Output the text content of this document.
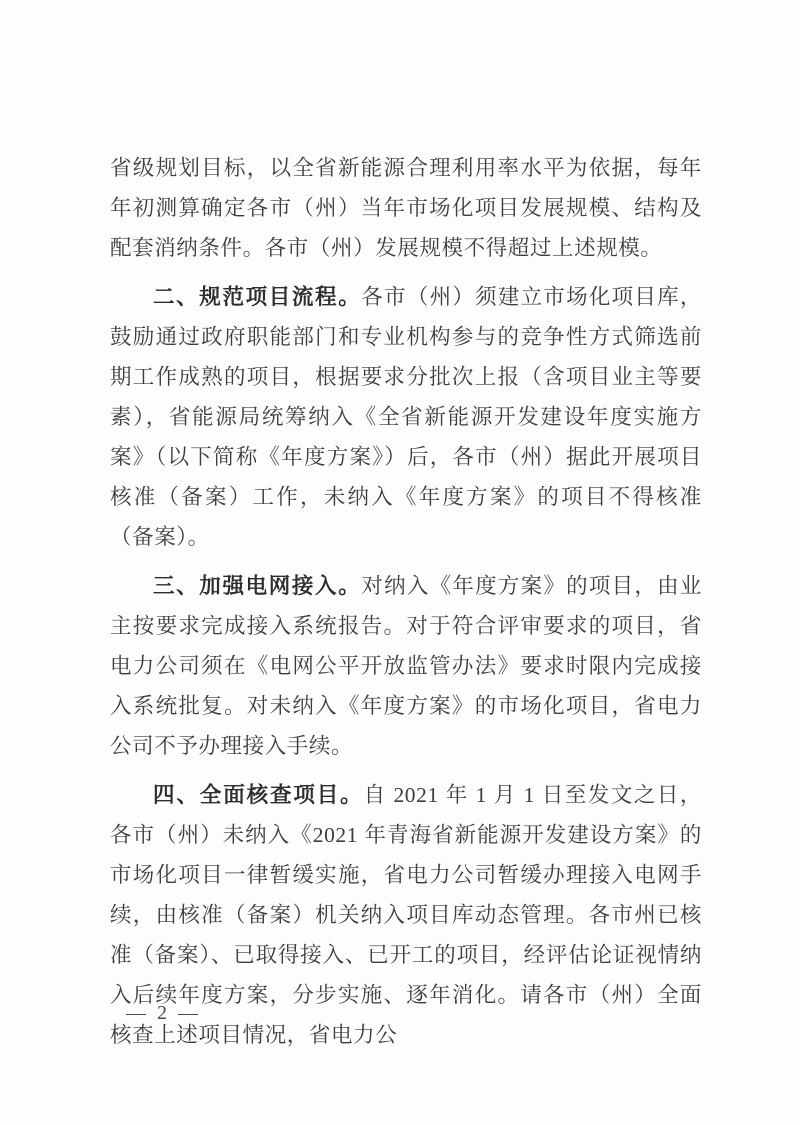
省级规划目标，以全省新能源合理利用率水平为依据，每年年初测算确定各市（州）当年市场化项目发展规模、结构及配套消纳条件。各市（州）发展规模不得超过上述规模。

二、规范项目流程。各市（州）须建立市场化项目库，鼓励通过政府职能部门和专业机构参与的竞争性方式筛选前期工作成熟的项目，根据要求分批次上报（含项目业主等要素），省能源局统筹纳入《全省新能源开发建设年度实施方案》（以下简称《年度方案》）后，各市（州）据此开展项目核准（备案）工作，未纳入《年度方案》的项目不得核准（备案）。

三、加强电网接入。对纳入《年度方案》的项目，由业主按要求完成接入系统报告。对于符合评审要求的项目，省电力公司须在《电网公平开放监管办法》要求时限内完成接入系统批复。对未纳入《年度方案》的市场化项目，省电力公司不予办理接入手续。

四、全面核查项目。自 2021 年 1 月 1 日至发文之日，各市（州）未纳入《2021 年青海省新能源开发建设方案》的市场化项目一律暂缓实施，省电力公司暂缓办理接入电网手续，由核准（备案）机关纳入项目库动态管理。各市州已核准（备案）、已取得接入、已开工的项目，经评估论证视情纳入后续年度方案，分步实施、逐年消化。请各市（州）全面核查上述项目情况，省电力公

— 2 —
